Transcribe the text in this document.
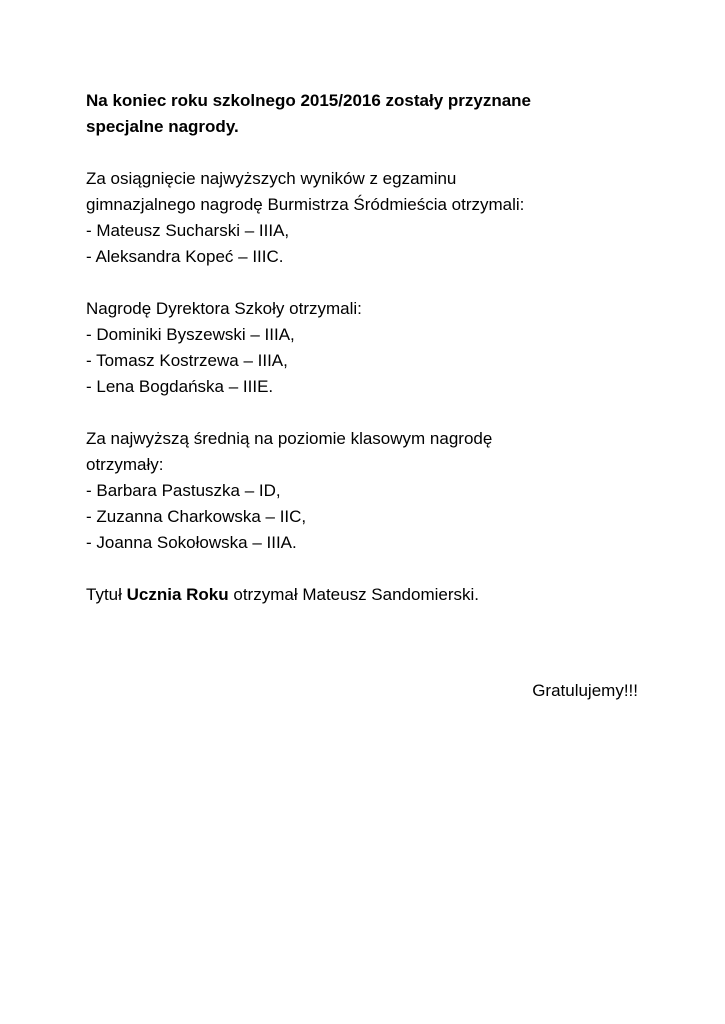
Na koniec roku szkolnego 2015/2016 zostały przyznane
specjalne nagrody.

Za osiągnięcie najwyższych wyników z egzaminu
gimnazjalnego nagrodę Burmistrza Śródmieścia otrzymali:
- Mateusz Sucharski – IIIA,
- Aleksandra Kopeć – IIIC.

Nagrodę Dyrektora Szkoły otrzymali:
- Dominiki Byszewski – IIIA,
- Tomasz Kostrzewa – IIIA,
- Lena Bogdańska – IIIE.

Za najwyższą średnią na poziomie klasowym nagrodę
otrzymały:
- Barbara Pastuszka – ID,
- Zuzanna Charkowska – IIC,
- Joanna Sokołowska – IIIA.

Tytuł Ucznia Roku otrzymał Mateusz Sandomierski.

Gratulujemy!!!
